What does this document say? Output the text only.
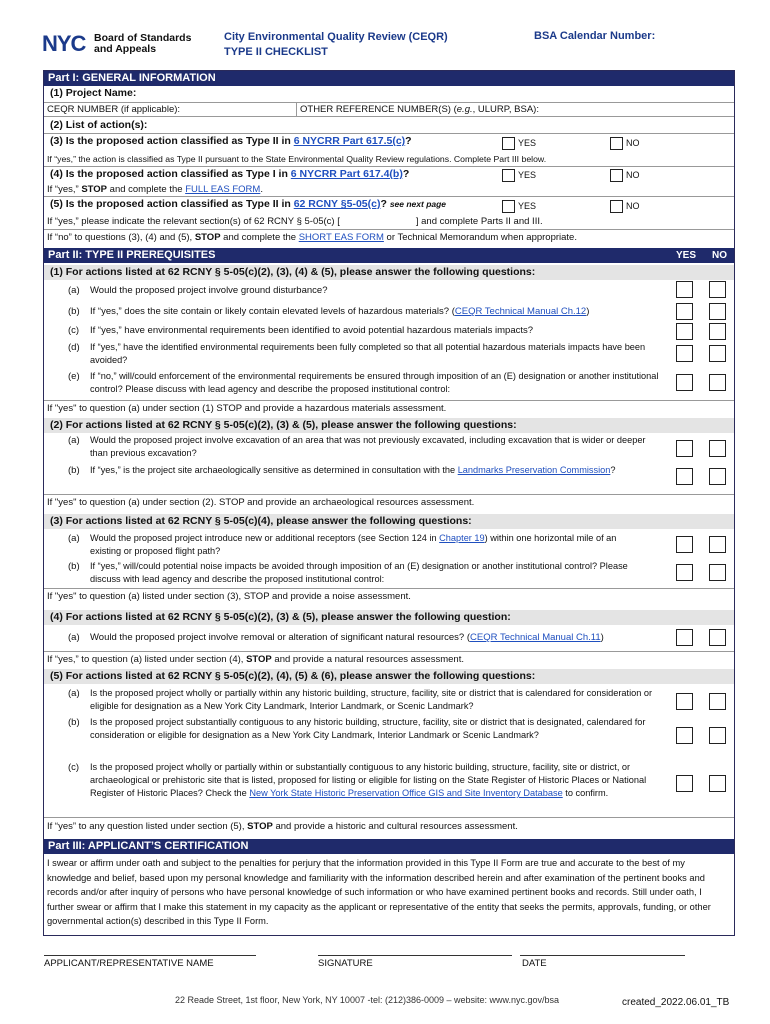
NYC Board of Standards
and Appeals
City Environmental Quality Review (CEQR)
TYPE II CHECKLIST
BSA Calendar Number:
Part I: GENERAL INFORMATION
(1) Project Name:
CEQR NUMBER (if applicable):	OTHER REFERENCE NUMBER(S) (e.g., ULURP, BSA):
(2) List of action(s):
(3) Is the proposed action classified as Type II in 6 NYCRR Part 617.5(c)?	YES	NO
If “yes,” the action is classified as Type II pursuant to the State Environmental Quality Review regulations. Complete Part III below.
(4) Is the proposed action classified as Type I in 6 NYCRR Part 617.4(b)?	YES	NO
If “yes,” STOP and complete the FULL EAS FORM.
(5) Is the proposed action classified as Type II in 62 RCNY §5-05(c)? see next page	YES	NO
If “yes,” please indicate the relevant section(s) of 62 RCNY § 5-05(c) [	] and complete Parts II and III.
If “no” to questions (3), (4) and (5), STOP and complete the SHORT EAS FORM or Technical Memorandum when appropriate.
Part II: TYPE II PREREQUISITES	YES NO
(1) For actions listed at 62 RCNY § 5-05(c)(2), (3), (4) & (5), please answer the following questions:
(a) Would the proposed project involve ground disturbance?
(b) If “yes,” does the site contain or likely contain elevated levels of hazardous materials? (CEQR Technical Manual Ch.12)
(c) If “yes,” have environmental requirements been identified to avoid potential hazardous materials impacts?
(d) If “yes,” have the identified environmental requirements been fully completed so that all potential hazardous materials impacts have been avoided?
(e) If “no,” will/could enforcement of the environmental requirements be ensured through imposition of an (E) designation or another institutional control? Please discuss with lead agency and describe the proposed institutional control:
If "yes" to question (a) under section (1) STOP and provide a hazardous materials assessment.
(2) For actions listed at 62 RCNY § 5-05(c)(2), (3) & (5), please answer the following questions:
(a) Would the proposed project involve excavation of an area that was not previously excavated, including excavation that is wider or deeper than previous excavation?
(b) If “yes,” is the project site archaeologically sensitive as determined in consultation with the Landmarks Preservation Commission?
If "yes" to question (a) under section (2). STOP and provide an archaeological resources assessment.
(3) For actions listed at 62 RCNY § 5-05(c)(4), please answer the following questions:
(a) Would the proposed project introduce new or additional receptors (see Section 124 in Chapter 19) within one horizontal mile of an existing or proposed flight path?
(b) If “yes,” will/could potential noise impacts be avoided through imposition of an (E) designation or another institutional control? Please discuss with lead agency and describe the proposed institutional control:
If "yes" to question (a) listed under section (3), STOP and provide a noise assessment.
(4) For actions listed at 62 RCNY § 5-05(c)(2), (3) & (5), please answer the following question:
(a) Would the proposed project involve removal or alteration of significant natural resources? (CEQR Technical Manual Ch.11)
If “yes,” to question (a) listed under section (4), STOP and provide a natural resources assessment.
(5) For actions listed at 62 RCNY § 5-05(c)(2), (4), (5) & (6), please answer the following questions:
(a) Is the proposed project wholly or partially within any historic building, structure, facility, site or district that is calendared for consideration or eligible for designation as a New York City Landmark, Interior Landmark, or Scenic Landmark?
(b) Is the proposed project substantially contiguous to any historic building, structure, facility, site or district that is designated, calendared for consideration or eligible for designation as a New York City Landmark, Interior Landmark or Scenic Landmark?
(c) Is the proposed project wholly or partially within or substantially contiguous to any historic building, structure, facility, site or district, or archaeological or prehistoric site that is listed, proposed for listing or eligible for listing on the State Register of Historic Places or National Register of Historic Places? Check the New York State Historic Preservation Office GIS and Site Inventory Database to confirm.
If “yes” to any question listed under section (5), STOP and provide a historic and cultural resources assessment.
Part III: APPLICANT’S CERTIFICATION
I swear or affirm under oath and subject to the penalties for perjury that the information provided in this Type II Form are true and accurate to the best of my knowledge and belief, based upon my personal knowledge and familiarity with the information described herein and after examination of the pertinent books and records and/or after inquiry of persons who have personal knowledge of such information or who have examined pertinent books and records. Still under oath, I further swear or affirm that I make this statement in my capacity as the applicant or representative of the entity that seeks the permits, approvals, funding, or other governmental action(s) described in this Type II Form.
APPLICANT/REPRESENTATIVE NAME	SIGNATURE	DATE
22 Reade Street, 1st floor, New York, NY 10007 -tel: (212)386-0009 – website: www.nyc.gov/bsa	created_2022.06.01_TB
